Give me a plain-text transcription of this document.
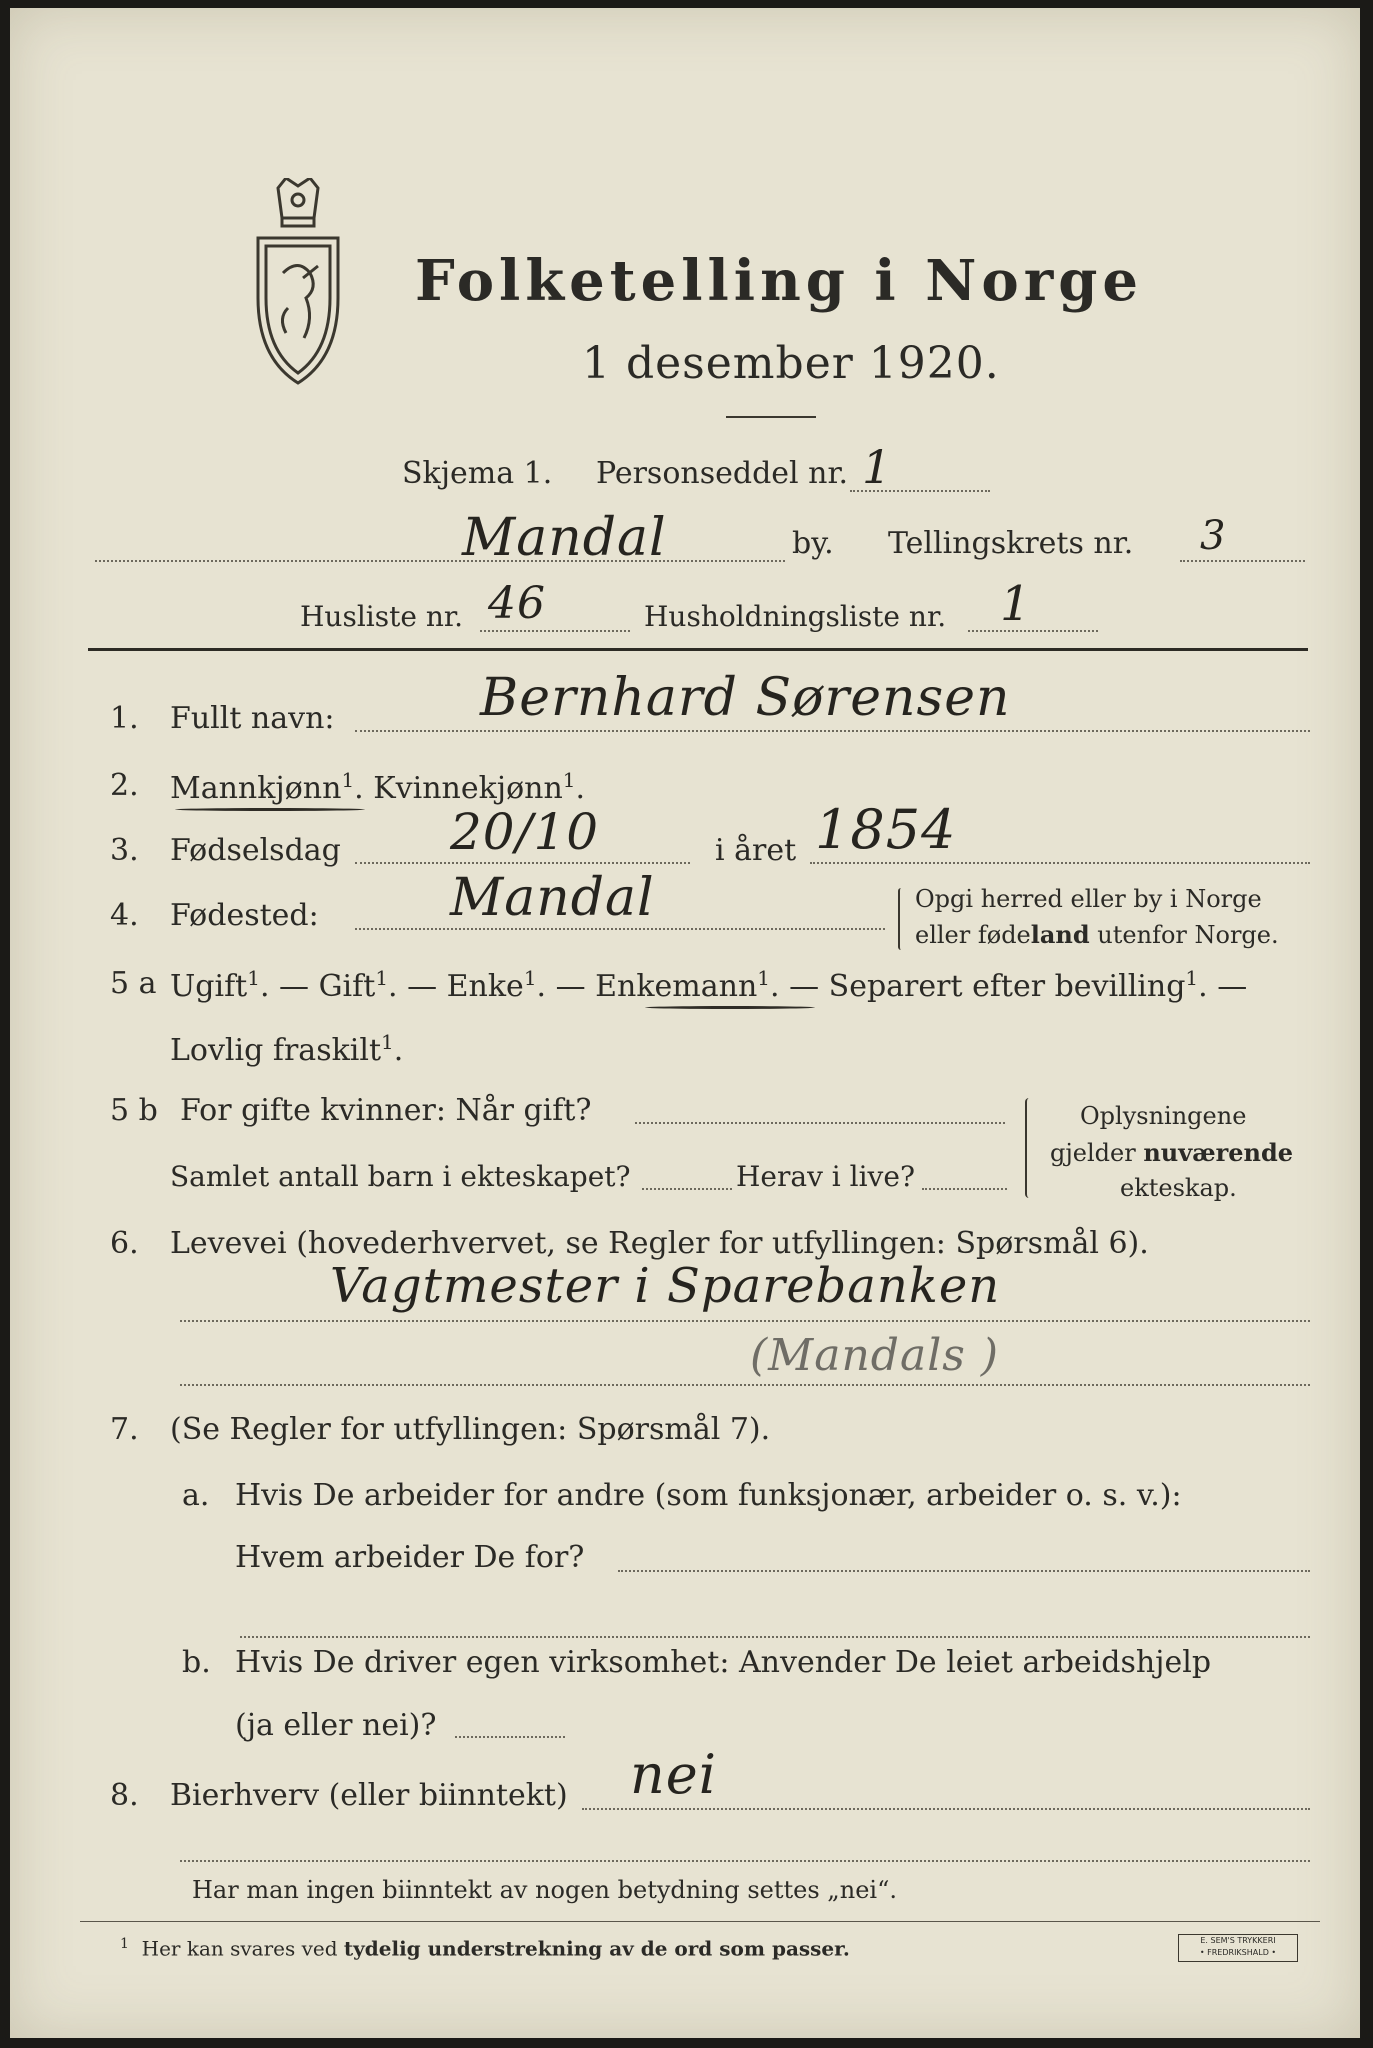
Folketelling i Norge
1 desember 1920.
Skjema 1. Personseddel nr. 1
Mandal	by. Tellingskrets nr. 3
Husliste nr. 46	Husholdningsliste nr. 1
1. Fullt navn:	Bernhard Sørensen
2. Mannkjønn$^1$. Kvinnekjønn$^1$.
3. Fødselsdag 20/10	i året 1854
4. Fødested:	Mandal	Opgi herred eller by i Norge
eller fødeland utenfor Norge.
5 a Ugift$^1$. — Gift$^1$. — Enke$^1$. — Enkemann$^1$. — Separert efter bevilling$^1$. —
Lovlig fraskilt$^1$.
5 b For gifte kvinner: Når gift?
Samlet antall barn i ekteskapet?	Herav i live?
Oplysningene
gjelder nuværende
ekteskap.
6. Levevei (hovederhvervet, se Regler for utfyllingen: Spørsmål 6).
Vagtmester i Sparebanken
(Mandals )
7. (Se Regler for utfyllingen: Spørsmål 7).
a. Hvis De arbeider for andre (som funksjonær, arbeider o. s. v.):
Hvem arbeider De for?
b. Hvis De driver egen virksomhet: Anvender De leiet arbeidshjelp
(ja eller nei)?
8. Bierhverv (eller biinntekt) nei
Har man ingen biinntekt av nogen betydning settes „nei“.
$^1$ Her kan svares ved tydelig understrekning av de ord som passer.	E. SEM'S TRYKKERI
• FREDRIKSHALD •
